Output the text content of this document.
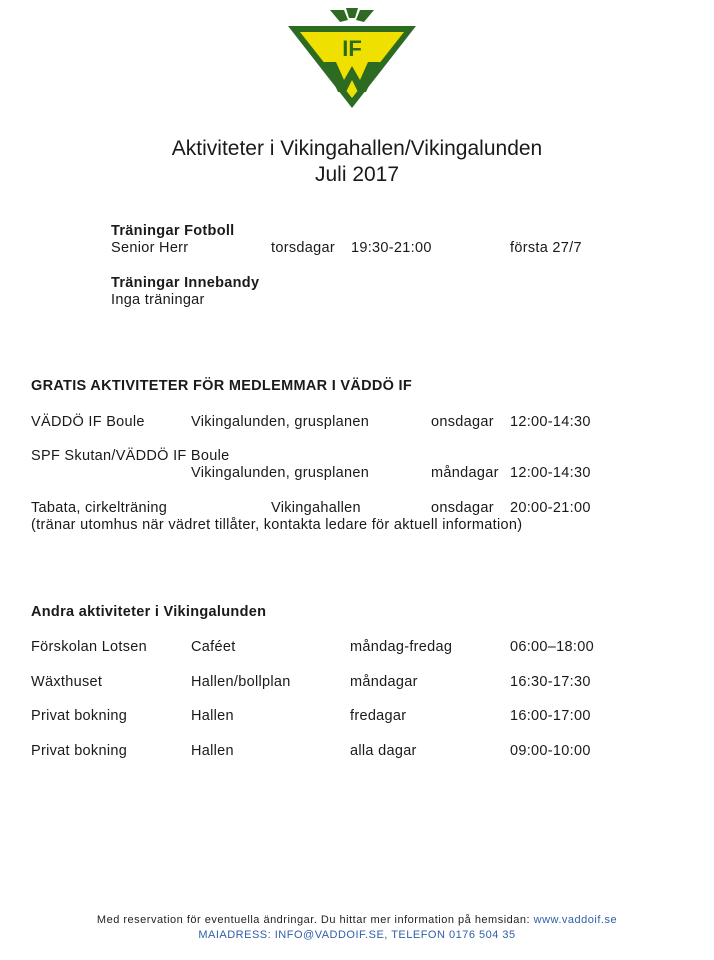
IF
Aktiviteter i Vikingahallen/Vikingalunden
Juli 2017
Träningar Fotboll
Senior Herr	torsdagar 19:30-21:00	första 27/7
Träningar Innebandy
Inga träningar
GRATIS AKTIVITETER FÖR MEDLEMMAR I VÄDDÖ IF
VÄDDÖ IF Boule	Vikingalunden, grusplanen	onsdagar 12:00-14:30
SPF Skutan/VÄDDÖ IF Boule
Vikingalunden, grusplanen	måndagar 12:00-14:30
Tabata, cirkelträning	Vikingahallen	onsdagar 20:00-21:00
(tränar utomhus när vädret tillåter, kontakta ledare för aktuell information)
Andra aktiviteter i Vikingalunden
Förskolan Lotsen	Caféet	måndag-fredag	06:00–18:00
Wäxthuset	Hallen/bollplan	måndagar	16:30-17:30
Privat bokning	Hallen	fredagar	16:00-17:00
Privat bokning	Hallen	alla dagar	09:00-10:00
Med reservation för eventuella ändringar. Du hittar mer information på hemsidan: www.vaddoif.se
MAIADRESS: INFO@VADDOIF.SE, TELEFON 0176 504 35
